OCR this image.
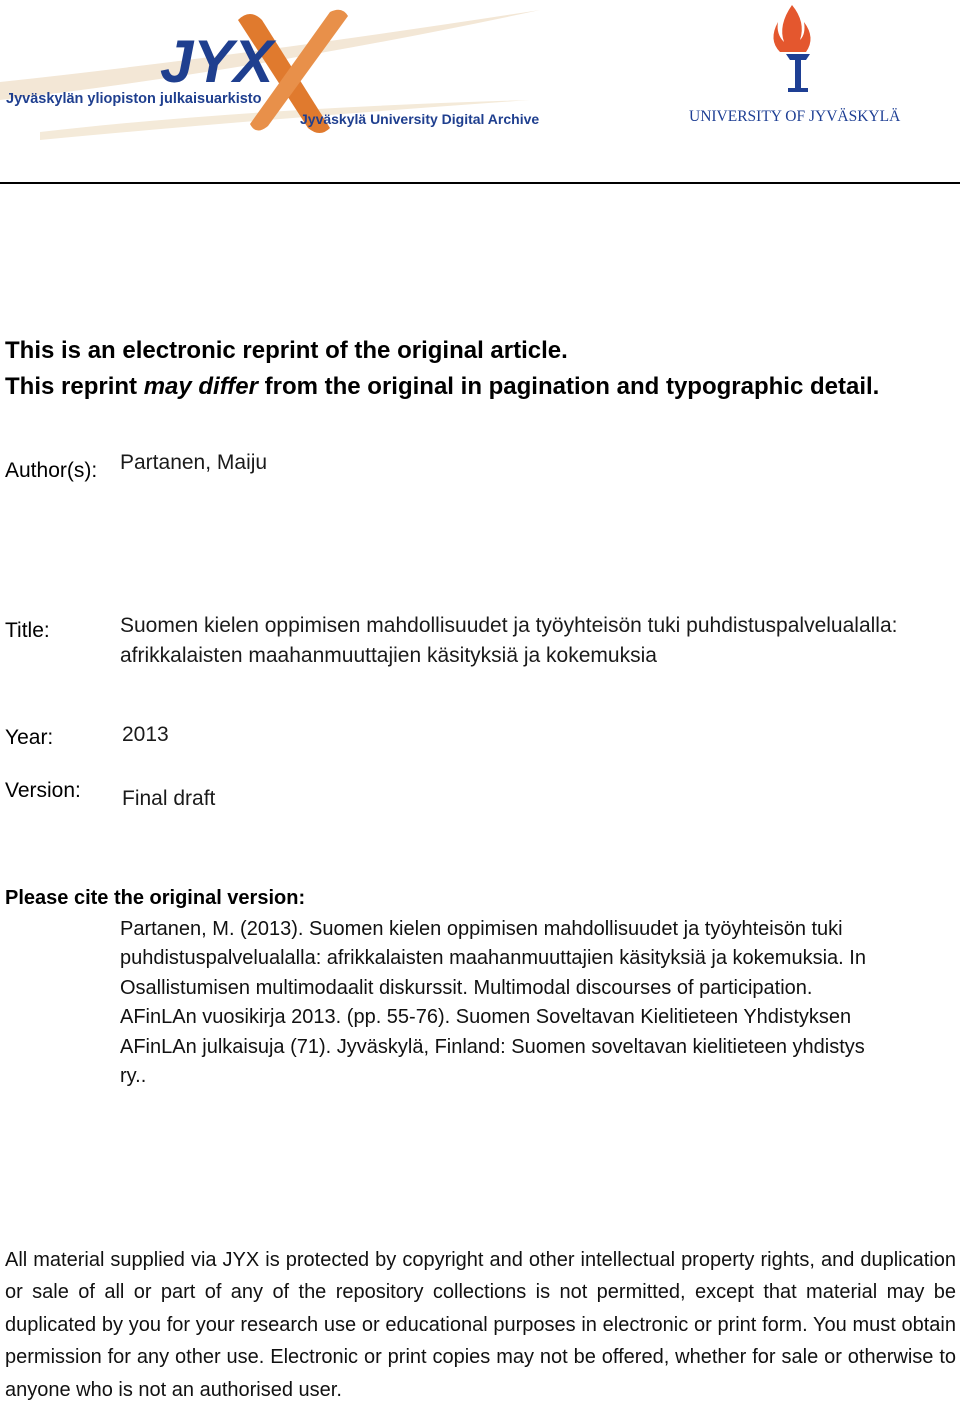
JYX
Jyväskylän yliopiston julkaisuarkisto
Jyväskylä University Digital Archive	UNIVERSITY OF JYVÄSKYLÄ
This is an electronic reprint of the original article.
This reprint may differ from the original in pagination and typographic detail.
Author(s): Partanen, Maiju
Title:	Suomen kielen oppimisen mahdollisuudet ja työyhteisön tuki puhdistuspalvelualalla:
afrikkalaisten maahanmuuttajien käsityksiä ja kokemuksia
Year:	2013
Version: Final draft
Please cite the original version:
Partanen, M. (2013). Suomen kielen oppimisen mahdollisuudet ja työyhteisön tuki
puhdistuspalvelualalla: afrikkalaisten maahanmuuttajien käsityksiä ja kokemuksia. In
Osallistumisen multimodaalit diskurssit. Multimodal discourses of participation.
AFinLAn vuosikirja 2013. (pp. 55-76). Suomen Soveltavan Kielitieteen Yhdistyksen
AFinLAn julkaisuja (71). Jyväskylä, Finland: Suomen soveltavan kielitieteen yhdistys
ry..
All material supplied via JYX is protected by copyright and other intellectual property rights, and duplication or sale of all or part of any of the repository collections is not permitted, except that material may be duplicated by you for your research use or educational purposes in electronic or print form. You must obtain permission for any other use. Electronic or print copies may not be offered, whether for sale or otherwise to anyone who is not an authorised user.
